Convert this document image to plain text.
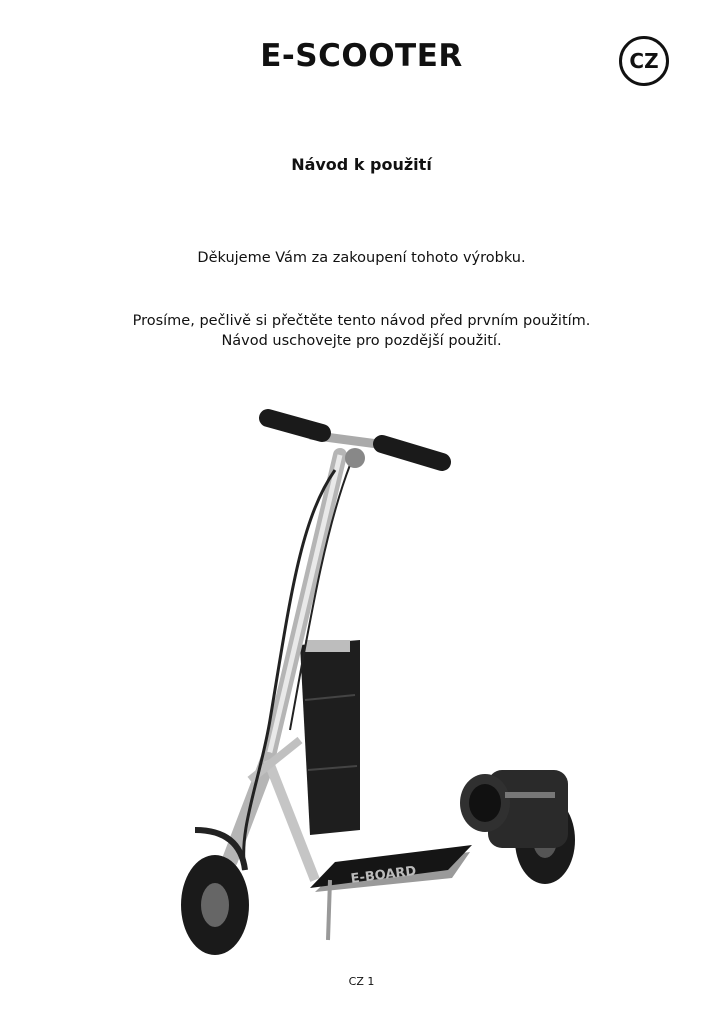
E-SCOOTER	CZ
Návod k použití
Děkujeme Vám za zakoupení tohoto výrobku.
Prosíme, pečlivě si přečtěte tento návod před prvním použitím.
Návod uschovejte pro pozdější použití.
E-BOARD
CZ 1
